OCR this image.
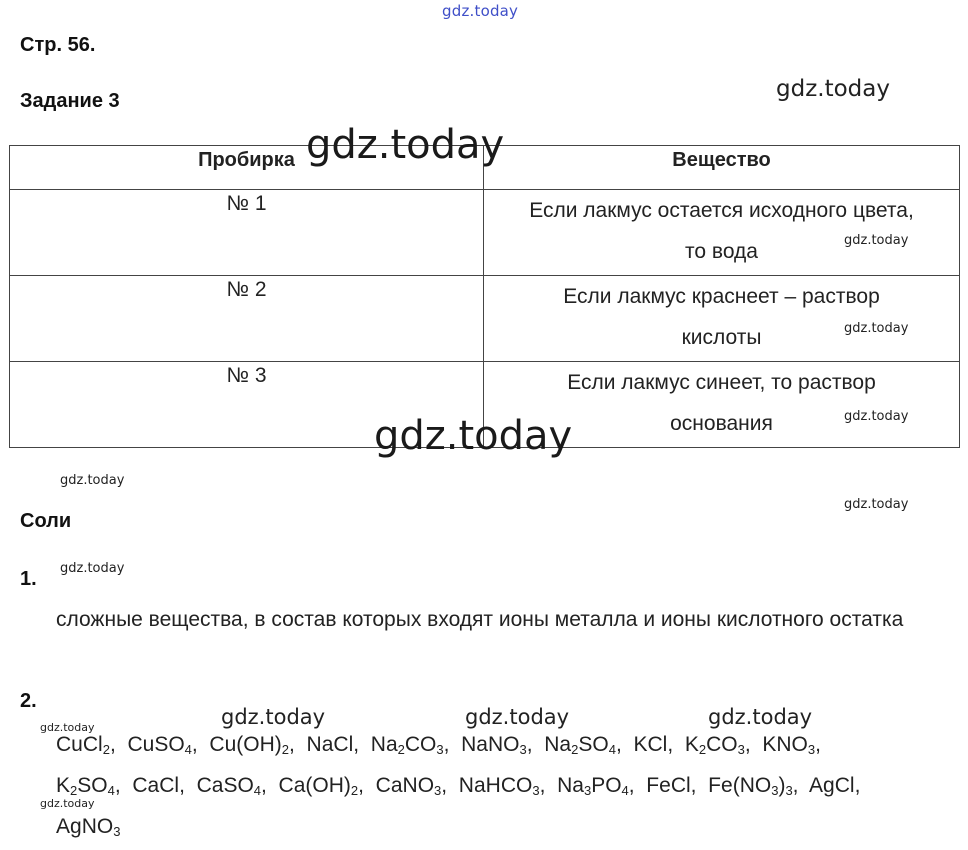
gdz.today
Стр. 56.
Задание 3	gdz.today
Пробирка	Вещество
№ 1	Если лакмус остается исходного цвета,
то вода

№ 2	Если лакмус краснеет – раствор
кислоты

№ 3	Если лакмус синеет, то раствор
основания
gdz.today
gdz.today
gdz.today
gdz.today
gdz.today
gdz.today
gdz.today
Соли
1. gdz.today
сложные вещества, в состав которых входят ионы металла и ионы кислотного остатка
2.
gdz.today	gdz.today	gdz.today
gdz.today
gdz.today
CuCl$_2$,  CuSO$_4$,  $Cu(OH)_2$,  NaCl,  $Na_2CO_3$,  NaNO$_3$,  $Na_2SO_4$,  KCl,  $K_2CO_3$,  $KNO_3$,
$K_2SO_4$,  CaCl,  CaSO$_4$,  $Ca(OH)_2$,  CaNO$_3$,  NaHCO$_3$,  $Na_3PO_4$,  FeCl,  $Fe(NO_3)_3$,  AgCl,
AgNO$_3$
